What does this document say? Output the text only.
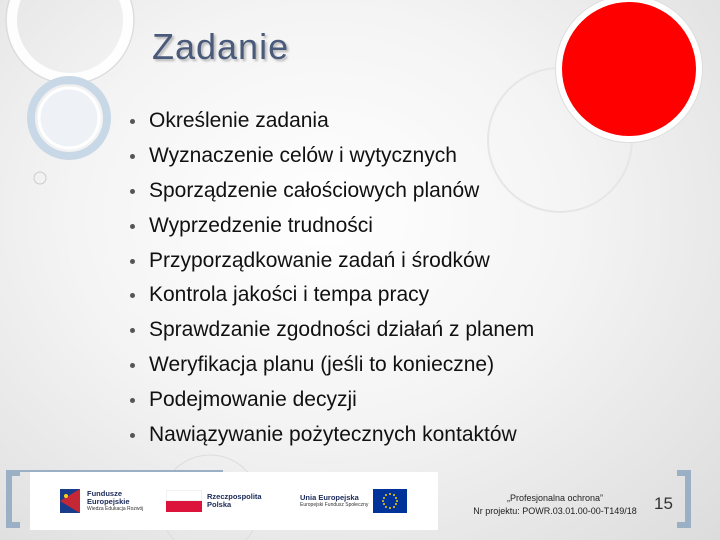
Zadanie
Określenie zadania
Wyznaczenie celów i wytycznych
Sporządzenie całościowych planów
Wyprzedzenie trudności
Przyporządkowanie zadań i środków
Kontrola jakości i tempa pracy
Sprawdzanie zgodności działań z planem
Weryfikacja planu (jeśli to konieczne)
Podejmowanie decyzji
Nawiązywanie pożytecznych kontaktów
Fundusze
Europejskie
Wiedza Edukacja Rozwój
Rzeczpospolita
Polska
Unia Europejska
Europejski Fundusz Społeczny
„Profesjonalna ochrona”
Nr projektu: POWR.03.01.00-00-T149/18	15
